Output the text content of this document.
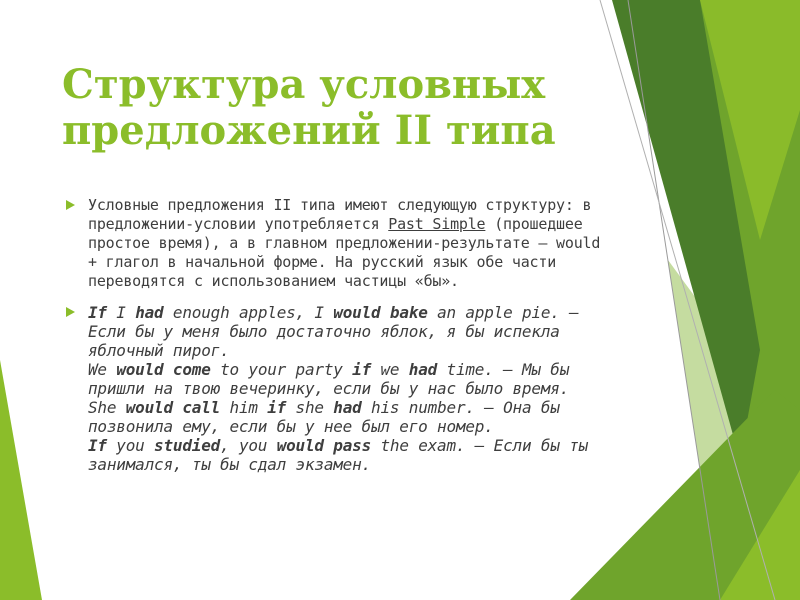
Структура условных предложений II типа
Условные предложения II типа имеют следующую структуру: в предложении-условии употребляется Past Simple (прошедшее простое время), а в главном предложении-результате — would + глагол в начальной форме. На русский язык обе части переводятся с использованием частицы «бы».
If I had enough apples, I would bake an apple pie. — Если бы у меня было достаточно яблок, я бы испекла яблочный пирог.
We would come to your party if we had time. — Мы бы пришли на твою вечеринку, если бы у нас было время.
She would call him if she had his number. — Она бы позвонила ему, если бы у нее был его номер.
If you studied, you would pass the exam. — Если бы ты занимался, ты бы сдал экзамен.
